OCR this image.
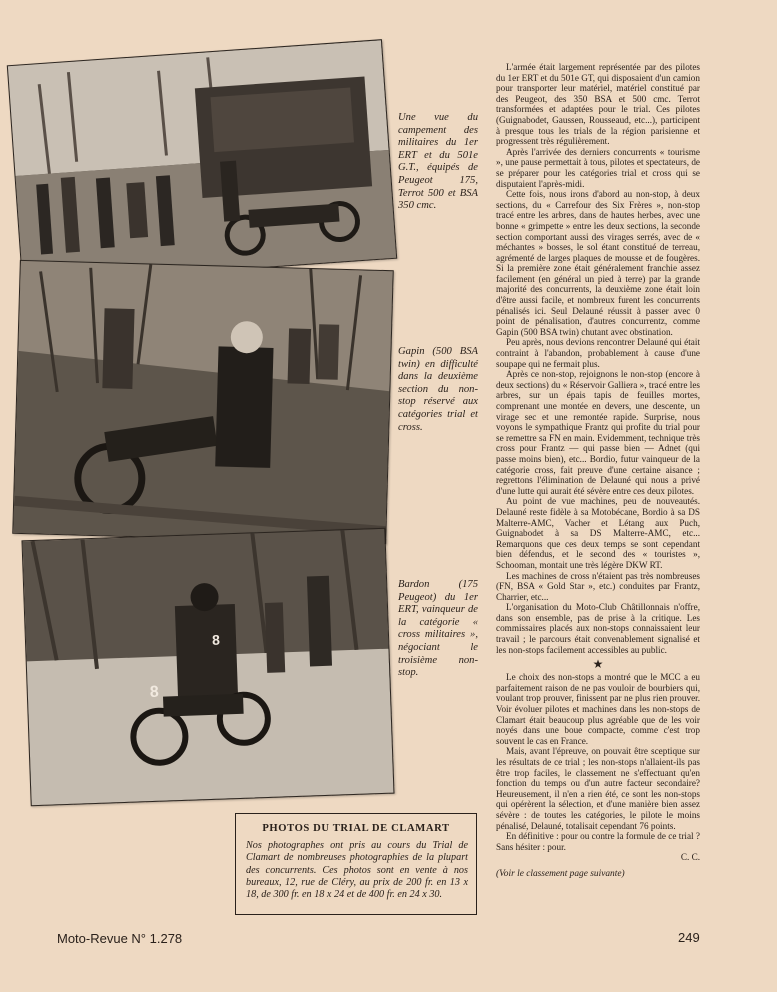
8
8
Une vue du campement des militaires du 1er ERT et du 501e G.T., équipés de Peugeot 175, Terrot 500 et BSA 350 cmc.
Gapin (500 BSA twin) en difficulté dans la deuxième section du non-stop réservé aux catégories trial et cross.
Bardon (175 Peugeot) du 1er ERT, vainqueur de la catégorie « cross militaires », négociant le troisième non-stop.

L'armée était largement représentée par des pilotes du 1er ERT et du 501e GT, qui disposaient d'un camion pour transporter leur matériel, matériel constitué par des Peugeot, des 350 BSA et 500 cmc. Terrot transformées et adaptées pour le trial. Ces pilotes (Guignabodet, Gaussen, Rousseaud, etc...), participent à presque tous les trials de la région parisienne et progressent très régulièrement.

Après l'arrivée des derniers concurrents « tourisme », une pause permettait à tous, pilotes et spectateurs, de se préparer pour les catégories trial et cross qui se disputaient l'après-midi.

Cette fois, nous irons d'abord au non-stop, à deux sections, du « Carrefour des Six Frères », non-stop tracé entre les arbres, dans de hautes herbes, avec une bonne « grimpette » entre les deux sections, la seconde section comportant aussi des virages serrés, avec de « méchantes » bosses, le sol étant constitué de terreau, agrémenté de larges plaques de mousse et de fougères. Si la première zone était généralement franchie assez facilement (en général un pied à terre) par la grande majorité des concurrents, la deuxième zone était loin d'être aussi facile, et nombreux furent les concurrents pénalisés ici. Seul Delauné réussit à passer avec 0 point de pénalisation, d'autres concurrentz, comme Gapin (500 BSA twin) chutant avec obstination.

Peu après, nous devions rencontrer Delauné qui était contraint à l'abandon, probablement à cause d'une soupape qui ne fermait plus.

Après ce non-stop, rejoignons le non-stop (encore à deux sections) du « Réservoir Galliera », tracé entre les arbres, sur un épais tapis de feuilles mortes, comprenant une montée en devers, une descente, un virage sec et une remontée rapide. Surprise, nous voyons le sympathique Frantz qui profite du trial pour se remettre sa FN en main. Evidemment, technique très cross pour Frantz — qui passe bien — Adnet (qui passe moins bien), etc... Bordio, futur vainqueur de la catégorie cross, fait preuve d'une certaine aisance ; regrettons l'élimination de Delauné qui nous a privé d'une lutte qui aurait été sévère entre ces deux pilotes.

Au point de vue machines, peu de nouveautés. Delauné reste fidèle à sa Motobécane, Bordio à sa DS Malterre-AMC, Vacher et Létang aux Puch, Guignabodet à sa DS Malterre-AMC, etc... Remarquons que ces deux temps se sont cependant bien défendus, et le second des « touristes », Schooman, montait une très légère DKW RT.

Les machines de cross n'étaient pas très nombreuses (FN, BSA « Gold Star », etc.) conduites par Frantz, Charrier, etc...

L'organisation du Moto-Club Châtillonnais n'offre, dans son ensemble, pas de prise à la critique. Les commissaires placés aux non-stops connaissaient leur travail ; le parcours était convenablement signalisé et les non-stops facilement accessibles au public.

★

Le choix des non-stops a montré que le MCC a eu parfaitement raison de ne pas vouloir de bourbiers qui, voulant trop prouver, finissent par ne plus rien prouver. Voir évoluer pilotes et machines dans les non-stops de Clamart était beaucoup plus agréable que de les voir noyés dans une boue compacte, comme c'est trop souvent le cas en France.

Mais, avant l'épreuve, on pouvait être sceptique sur les résultats de ce trial ; les non-stops n'allaient-ils pas être trop faciles, le classement ne s'effectuant qu'en fonction du temps ou d'un autre facteur secondaire? Heureusement, il n'en a rien été, ce sont les non-stops qui opérèrent la sélection, et d'une manière bien assez sévère : de toutes les catégories, le pilote le moins pénalisé, Delauné, totalisait cependant 76 points.

En définitive : pour ou contre la formule de ce trial ? Sans hésiter : pour.

C. C.

(Voir le classement page suivante)

PHOTOS DU TRIAL DE CLAMART
Nos photographes ont pris au cours du Trial de Clamart de nombreuses photographies de la plupart des concurrents. Ces photos sont en vente à nos bureaux, 12, rue de Cléry, au prix de 200 fr. en 13 x 18, de 300 fr. en 18 x 24 et de 400 fr. en 24 x 30.
Moto-Revue N° 1.278	249
